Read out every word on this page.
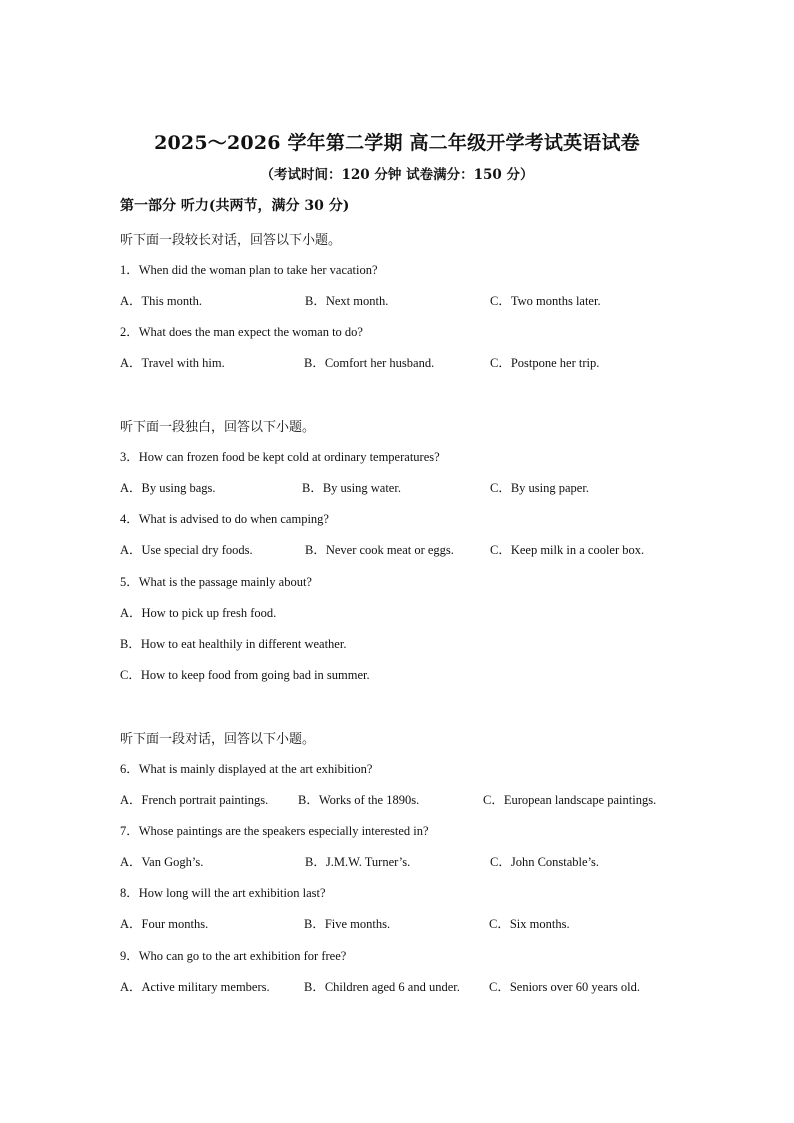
2025～2026 学年第二学期 高二年级开学考试英语试卷
（考试时间：120 分钟 试卷满分：150 分）
第一部分 听力(共两节，满分 30 分)
听下面一段较长对话，回答以下小题。
1．When did the woman plan to take her vacation?
A．This month.	B．Next month.	C．Two months later.
2．What does the man expect the woman to do?
A．Travel with him.	B．Comfort her husband.	C．Postpone her trip.
听下面一段独白，回答以下小题。
3．How can frozen food be kept cold at ordinary temperatures?
A．By using bags.	B．By using water.	C．By using paper.
4．What is advised to do when camping?
A．Use special dry foods.	B．Never cook meat or eggs.	C．Keep milk in a cooler box.
5．What is the passage mainly about?
A．How to pick up fresh food.
B．How to eat healthily in different weather.
C．How to keep food from going bad in summer.
听下面一段对话，回答以下小题。
6．What is mainly displayed at the art exhibition?
A．French portrait paintings. B．Works of the 1890s.	C．European landscape paintings.
7．Whose paintings are the speakers especially interested in?
A．Van Gogh’s.	B．J.M.W. Turner’s.	C．John Constable’s.
8．How long will the art exhibition last?
A．Four months.	B．Five months.	C．Six months.
9．Who can go to the art exhibition for free?
A．Active military members.	B．Children aged 6 and under. C．Seniors over 60 years old.
